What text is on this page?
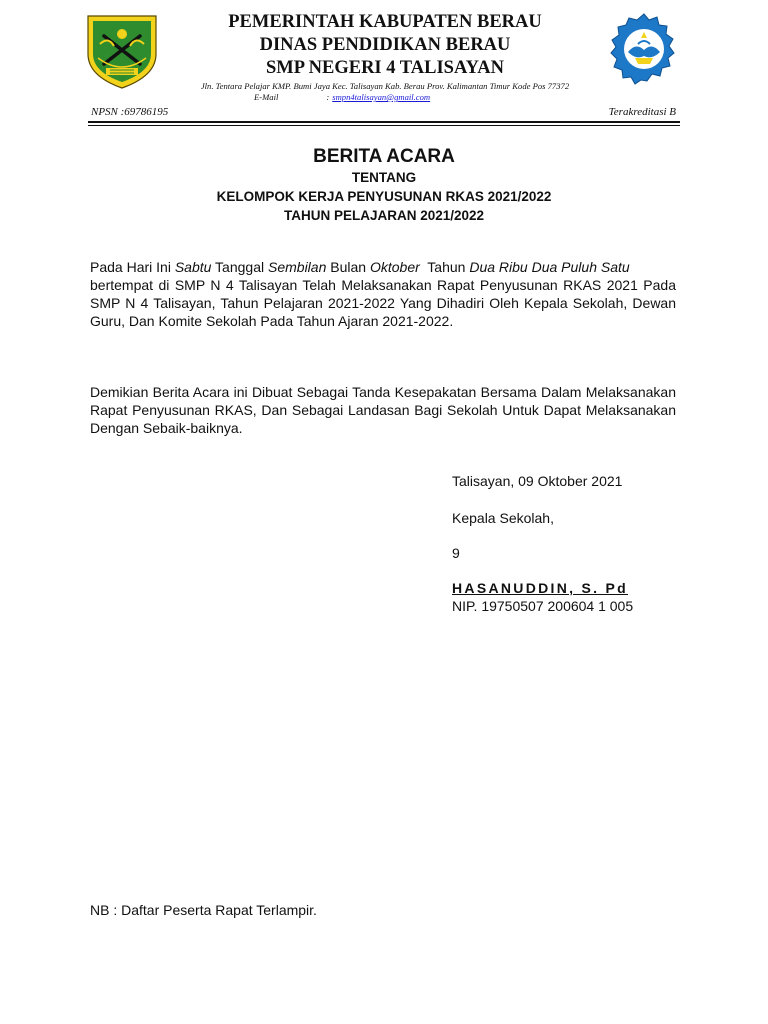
PEMERINTAH KABUPATEN BERAU
DINAS PENDIDIKAN BERAU
SMP NEGERI 4 TALISAYAN
Jln. Tentara Pelajar KMP. Bumi Jaya Kec. Talisayan Kab. Berau Prov. Kalimantan Timur Kode Pos 77372
E-Mail	: smpn4talisayan@gmail.com
NPSN :69786195	Terakreditasi B
BERITA ACARA
TENTANG
KELOMPOK KERJA PENYUSUNAN RKAS 2021/2022
TAHUN PELAJARAN 2021/2022
Pada Hari Ini Sabtu Tanggal Sembilan Bulan Oktober  Tahun Dua Ribu Dua Puluh Satu
bertempat di SMP N 4 Talisayan Telah Melaksanakan Rapat Penyusunan RKAS 2021 Pada SMP N 4 Talisayan, Tahun Pelajaran 2021-2022 Yang Dihadiri Oleh Kepala Sekolah, Dewan Guru, Dan Komite Sekolah Pada Tahun Ajaran 2021-2022.
Demikian Berita Acara ini Dibuat Sebagai Tanda Kesepakatan Bersama Dalam Melaksanakan Rapat Penyusunan RKAS, Dan Sebagai Landasan Bagi Sekolah Untuk Dapat Melaksanakan Dengan Sebaik-baiknya.
Talisayan, 09 Oktober 2021
Kepala Sekolah,
9
HASANUDDIN, S. Pd
NIP. 19750507 200604 1 005
NB : Daftar Peserta Rapat Terlampir.
